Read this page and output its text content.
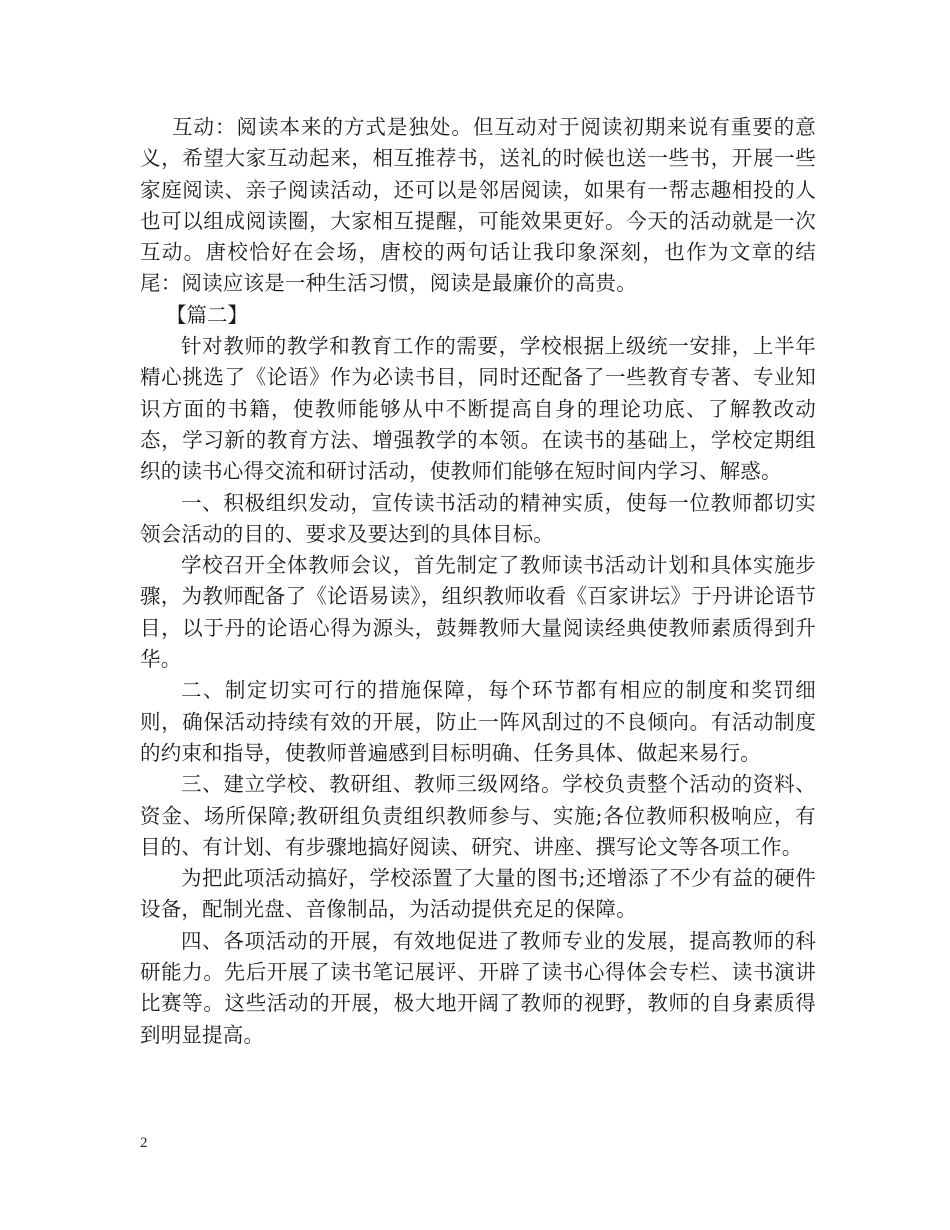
互动：阅读本来的方式是独处。但互动对于阅读初期来说有重要的意义，希望大家互动起来，相互推荐书，送礼的时候也送一些书，开展一些家庭阅读、亲子阅读活动，还可以是邻居阅读，如果有一帮志趣相投的人也可以组成阅读圈，大家相互提醒，可能效果更好。今天的活动就是一次互动。唐校恰好在会场，唐校的两句话让我印象深刻，也作为文章的结尾：阅读应该是一种生活习惯，阅读是最廉价的高贵。

【篇二】

针对教师的教学和教育工作的需要，学校根据上级统一安排，上半年精心挑选了《论语》作为必读书目，同时还配备了一些教育专著、专业知识方面的书籍，使教师能够从中不断提高自身的理论功底、了解教改动态，学习新的教育方法、增强教学的本领。在读书的基础上，学校定期组织的读书心得交流和研讨活动，使教师们能够在短时间内学习、解惑。

一、积极组织发动，宣传读书活动的精神实质，使每一位教师都切实领会活动的目的、要求及要达到的具体目标。

学校召开全体教师会议，首先制定了教师读书活动计划和具体实施步骤，为教师配备了《论语易读》，组织教师收看《百家讲坛》于丹讲论语节目，以于丹的论语心得为源头，鼓舞教师大量阅读经典使教师素质得到升华。

二、制定切实可行的措施保障，每个环节都有相应的制度和奖罚细则，确保活动持续有效的开展，防止一阵风刮过的不良倾向。有活动制度的约束和指导，使教师普遍感到目标明确、任务具体、做起来易行。

三、建立学校、教研组、教师三级网络。学校负责整个活动的资料、资金、场所保障;教研组负责组织教师参与、实施;各位教师积极响应，有目的、有计划、有步骤地搞好阅读、研究、讲座、撰写论文等各项工作。

为把此项活动搞好，学校添置了大量的图书;还增添了不少有益的硬件设备，配制光盘、音像制品，为活动提供充足的保障。

四、各项活动的开展，有效地促进了教师专业的发展，提高教师的科研能力。先后开展了读书笔记展评、开辟了读书心得体会专栏、读书演讲比赛等。这些活动的开展，极大地开阔了教师的视野，教师的自身素质得到明显提高。

2
